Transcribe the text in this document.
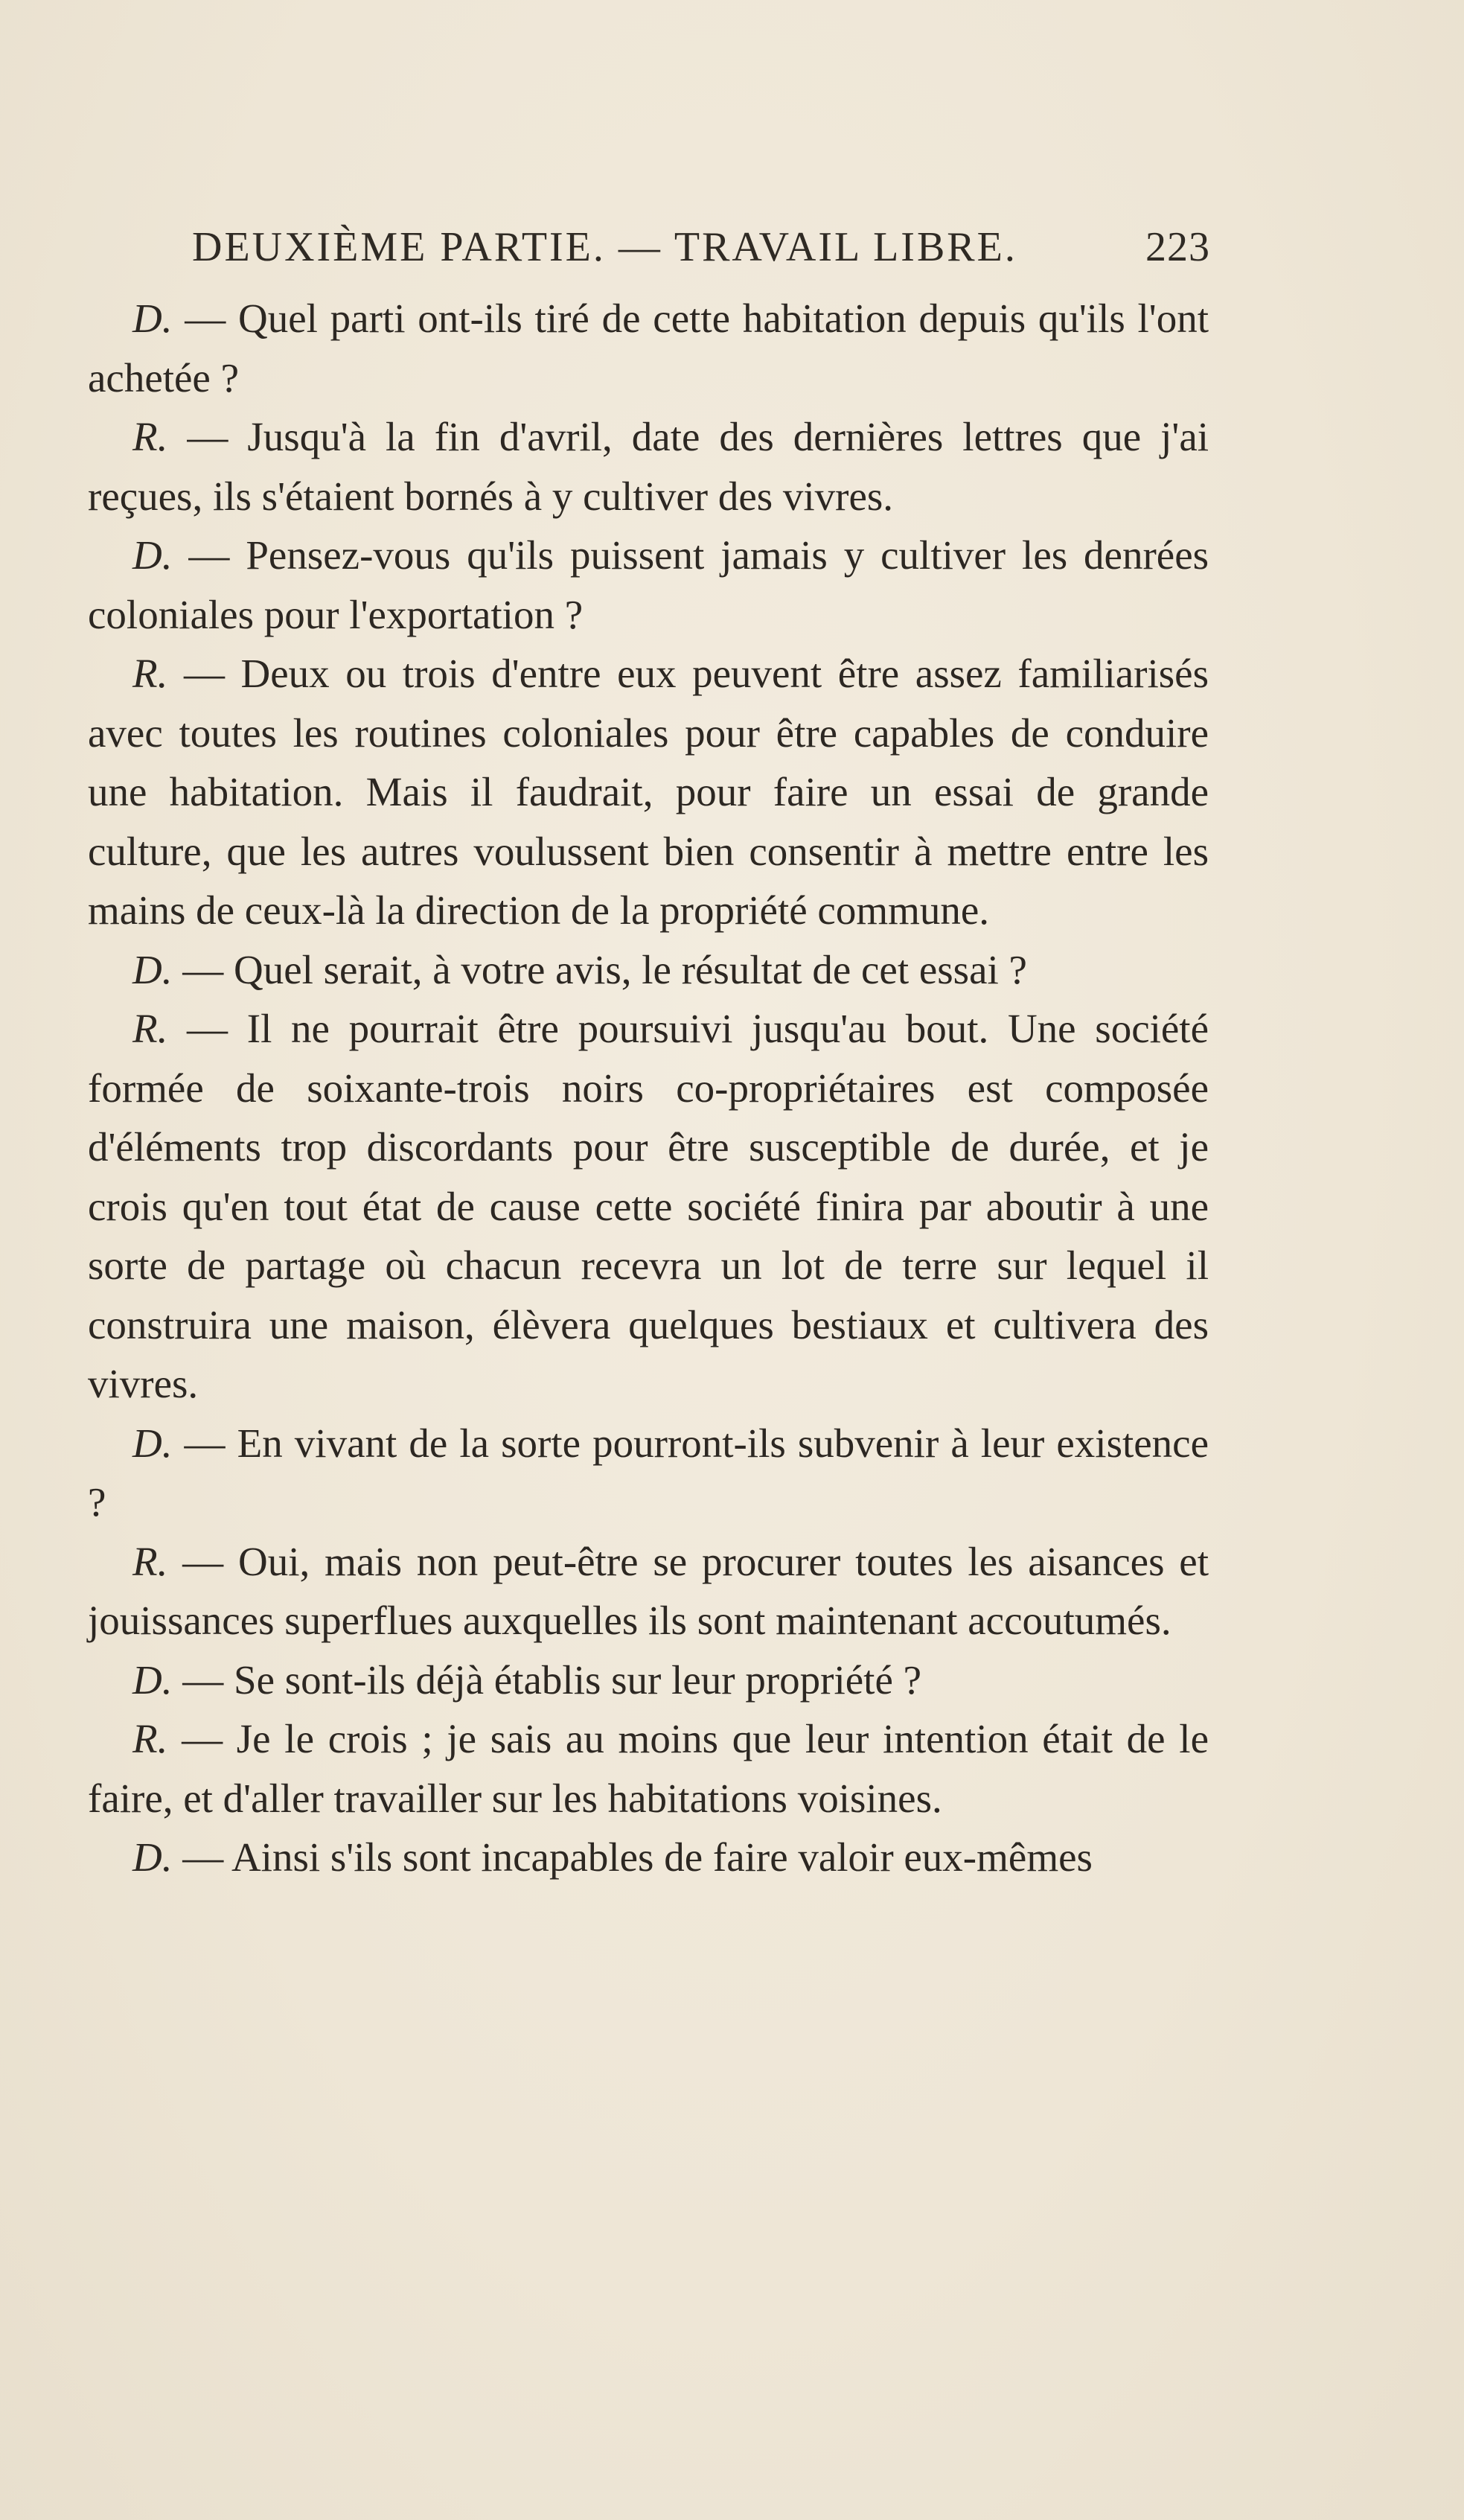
DEUXIÈME PARTIE. — TRAVAIL LIBRE.	223

D. — Quel parti ont-ils tiré de cette habitation depuis qu'ils l'ont achetée ?

R. — Jusqu'à la fin d'avril, date des dernières lettres que j'ai reçues, ils s'étaient bornés à y cultiver des vivres.

D. — Pensez-vous qu'ils puissent jamais y cultiver les denrées coloniales pour l'exportation ?

R. — Deux ou trois d'entre eux peuvent être assez familiarisés avec toutes les routines coloniales pour être capables de conduire une habitation. Mais il faudrait, pour faire un essai de grande culture, que les autres voulussent bien consentir à mettre entre les mains de ceux-là la direction de la propriété commune.

D. — Quel serait, à votre avis, le résultat de cet essai ?

R. — Il ne pourrait être poursuivi jusqu'au bout. Une société formée de soixante-trois noirs co-propriétaires est composée d'éléments trop discordants pour être susceptible de durée, et je crois qu'en tout état de cause cette société finira par aboutir à une sorte de partage où chacun recevra un lot de terre sur lequel il construira une maison, élèvera quelques bestiaux et cultivera des vivres.

D. — En vivant de la sorte pourront-ils subvenir à leur existence ?

R. — Oui, mais non peut-être se procurer toutes les aisances et jouissances superflues auxquelles ils sont maintenant accoutumés.

D. — Se sont-ils déjà établis sur leur propriété ?

R. — Je le crois ; je sais au moins que leur intention était de le faire, et d'aller travailler sur les habitations voisines.

D. — Ainsi s'ils sont incapables de faire valoir eux-mêmes
